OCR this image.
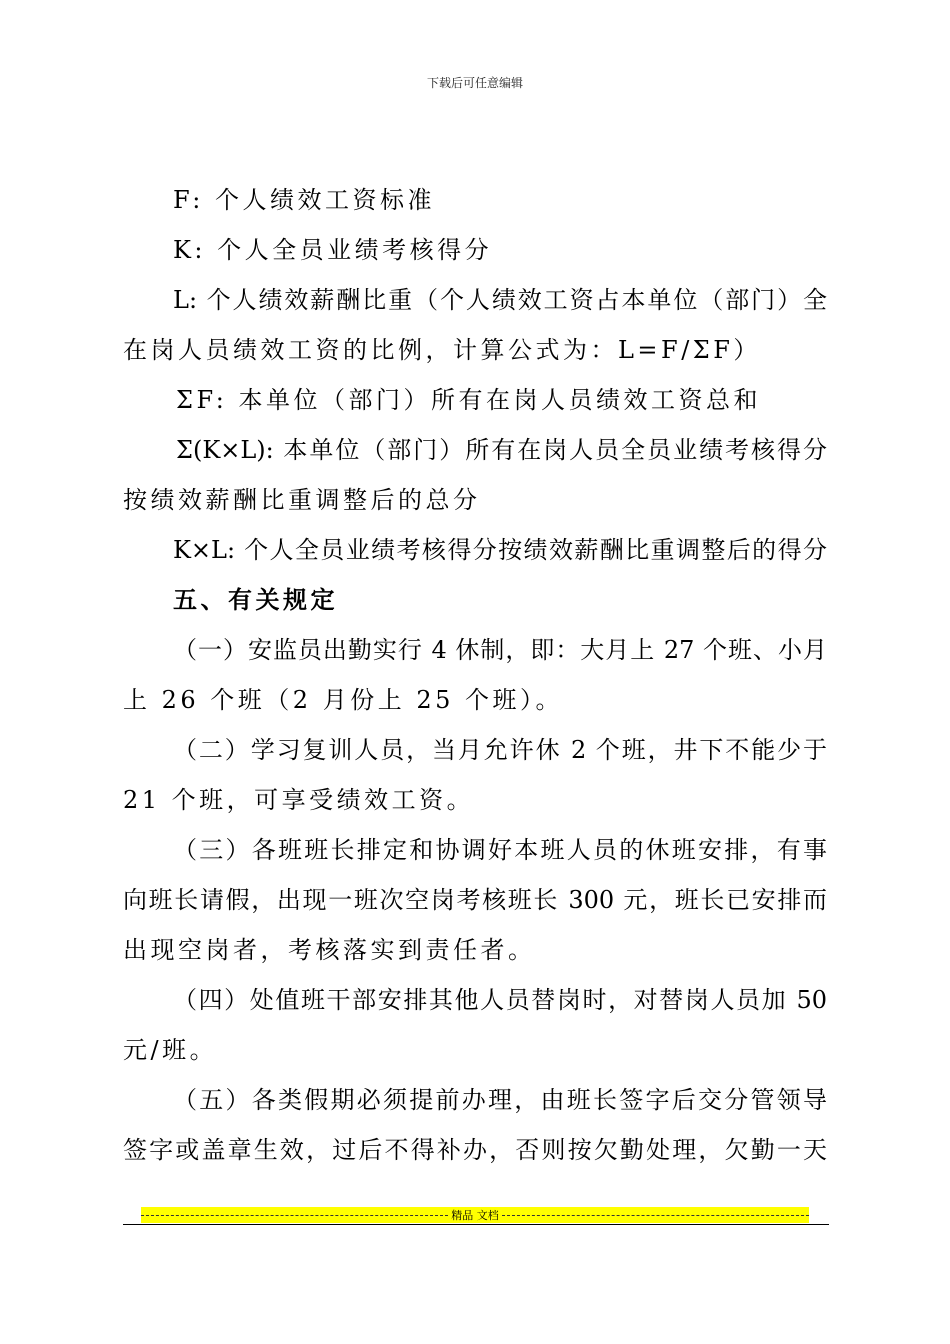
下载后可任意编辑
F: 个人绩效工资标准
K: 个人全员业绩考核得分
L: 个人绩效薪酬比重（个人绩效工资占本单位（部门）全
在岗人员绩效工资的比例，计算公式为：L=F/ΣF）
ΣF: 本单位（部门）所有在岗人员绩效工资总和
Σ(K×L): 本单位（部门）所有在岗人员全员业绩考核得分
按绩效薪酬比重调整后的总分
K×L: 个人全员业绩考核得分按绩效薪酬比重调整后的得分
五、有关规定
（一）安监员出勤实行 4 休制，即：大月上 27 个班、小月
上 26 个班（2 月份上 25 个班）。
（二）学习复训人员，当月允许休 2 个班，井下不能少于
21 个班，可享受绩效工资。
（三）各班班长排定和协调好本班人员的休班安排，有事
向班长请假，出现一班次空岗考核班长 300 元，班长已安排而
出现空岗者，考核落实到责任者。
（四）处值班干部安排其他人员替岗时，对替岗人员加 50
元/班。
（五）各类假期必须提前办理，由班长签字后交分管领导
签字或盖章生效，过后不得补办，否则按欠勤处理，欠勤一天
精品 文档
